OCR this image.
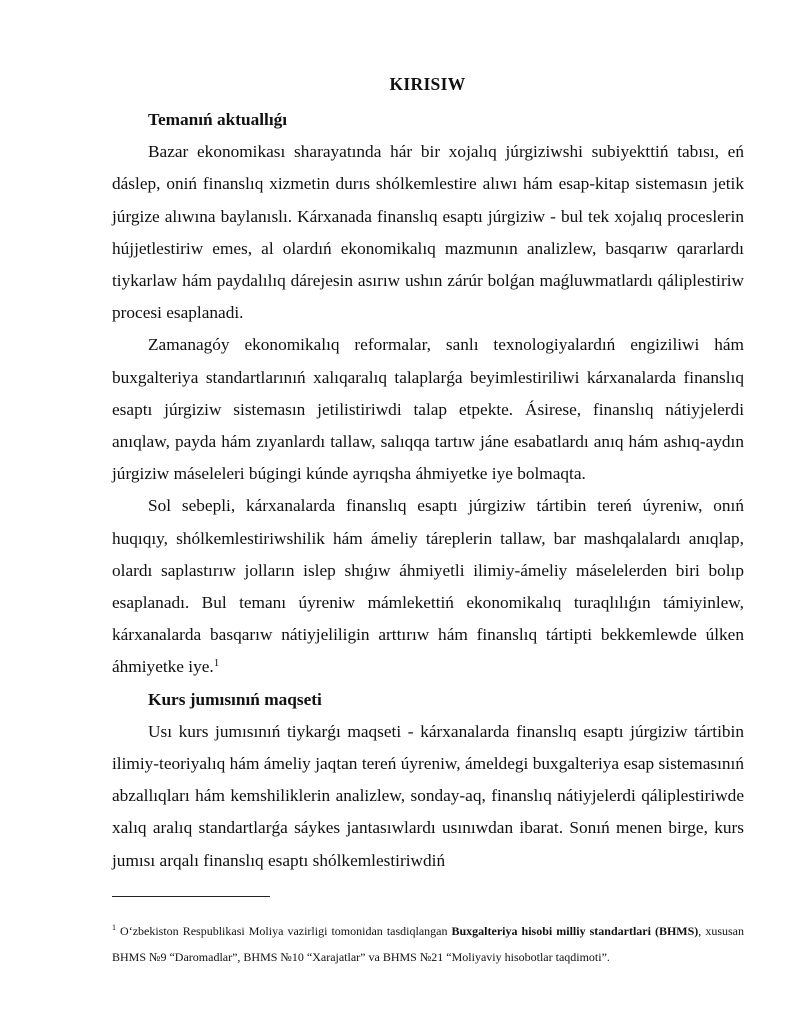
KIRISIW
Temanıń aktuallıǵı

Bazar ekonomikası sharayatında hár bir xojalıq júrgiziwshi subiyekttiń tabısı, eń dáslep, oniń finanslıq xizmetin durıs shólkemlestire alıwı hám esap-kitap sistemasın jetik júrgize alıwına baylanıslı. Kárxanada finanslıq esaptı júrgiziw - bul tek xojalıq proceslerin hújjetlestiriw emes, al olardıń ekonomikalıq mazmunın analizlew, basqarıw qararlardı tiykarlaw hám paydalılıq dárejesin asırıw ushın zárúr bolǵan maǵluwmatlardı qáliplestiriw procesi esaplanadi.

Zamanagóy ekonomikalıq reformalar, sanlı texnologiyalardıń engiziliwi hám buxgalteriya standartlarınıń xalıqaralıq talaplarǵa beyimlestiriliwi kárxanalarda finanslıq esaptı júrgiziw sistemasın jetilistiriwdi talap etpekte. Ásirese, finanslıq nátiyjelerdi anıqlaw, payda hám zıyanlardı tallaw, salıqqa tartıw jáne esabatlardı anıq hám ashıq-aydın júrgiziw máseleleri búgingi kúnde ayrıqsha áhmiyetke iye bolmaqta.

Sol sebepli, kárxanalarda finanslıq esaptı júrgiziw tártibin tereń úyreniw, onıń huqıqıy, shólkemlestiriwshilik hám ámeliy táreplerin tallaw, bar mashqalalardı anıqlap, olardı saplastırıw jolların islep shıǵıw áhmiyetli ilimiy-ámeliy máselelerden biri bolıp esaplanadı. Bul temanı úyreniw mámlekettiń ekonomikalıq turaqlılıǵın támiyinlew, kárxanalarda basqarıw nátiyjeliligin arttırıw hám finanslıq tártipti bekkemlewde úlken áhmiyetke iye.$^1$

Kurs jumısınıń maqseti

Usı kurs jumısınıń tiykarǵı maqseti - kárxanalarda finanslıq esaptı júrgiziw tártibin ilimiy-teoriyalıq hám ámeliy jaqtan tereń úyreniw, ámeldegi buxgalteriya esap sistemasınıń abzallıqları hám kemshiliklerin analizlew, sonday-aq, finanslıq nátiyjelerdi qáliplestiriwde xalıq aralıq standartlarǵa sáykes jantasıwlardı usınıwdan ibarat. Sonıń menen birge, kurs jumısı arqalı finanslıq esaptı shólkemlestiriwdiń

$^1$ O‘zbekiston Respublikasi Moliya vazirligi tomonidan tasdiqlangan Buxgalteriya hisobi milliy standartlari (BHMS), xususan BHMS №9 “Daromadlar”, BHMS №10 “Xarajatlar” va BHMS №21 “Moliyaviy hisobotlar taqdimoti”.
